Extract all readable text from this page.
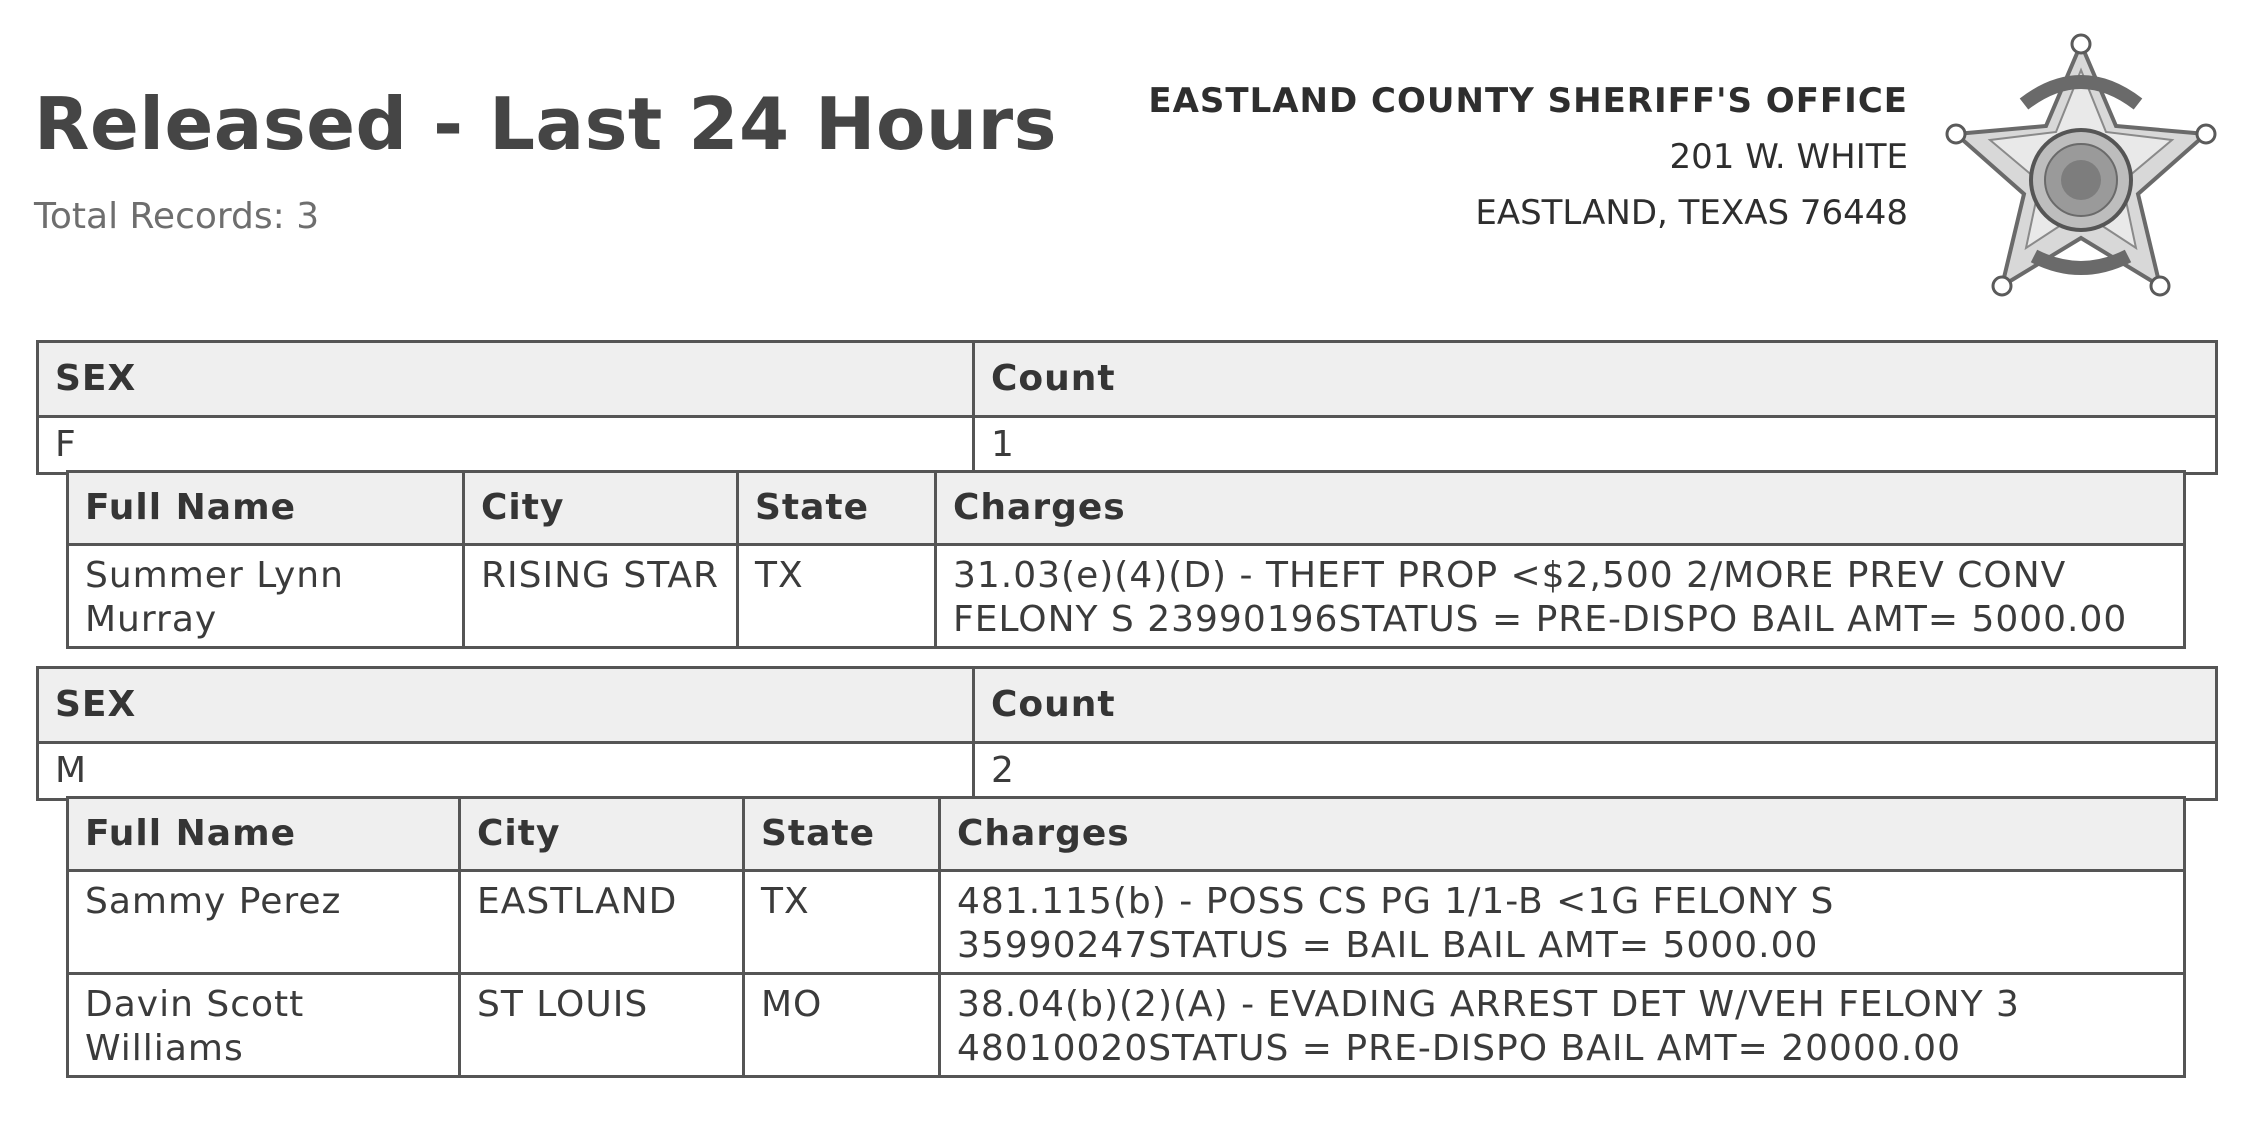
Released - Last 24 Hours
Total Records: 3
EASTLAND COUNTY SHERIFF'S OFFICE
201 W. WHITE
EASTLAND, TEXAS 76448
SEX	Count
F	1
Full Name	City	State	Charges
Summer Lynn Murray	RISING STAR	TX	31.03(e)(4)(D) - THEFT PROP <$2,500 2/MORE PREV CONV FELONY S 23990196STATUS = PRE-DISPO BAIL AMT= 5000.00
SEX	Count
M	2
Full Name	City	State	Charges
Sammy Perez	EASTLAND	TX	481.115(b) - POSS CS PG 1/1-B <1G FELONY S 35990247STATUS = BAIL BAIL AMT= 5000.00
Davin Scott Williams	ST LOUIS	MO	38.04(b)(2)(A) - EVADING ARREST DET W/VEH FELONY 3 48010020STATUS = PRE-DISPO BAIL AMT= 20000.00
